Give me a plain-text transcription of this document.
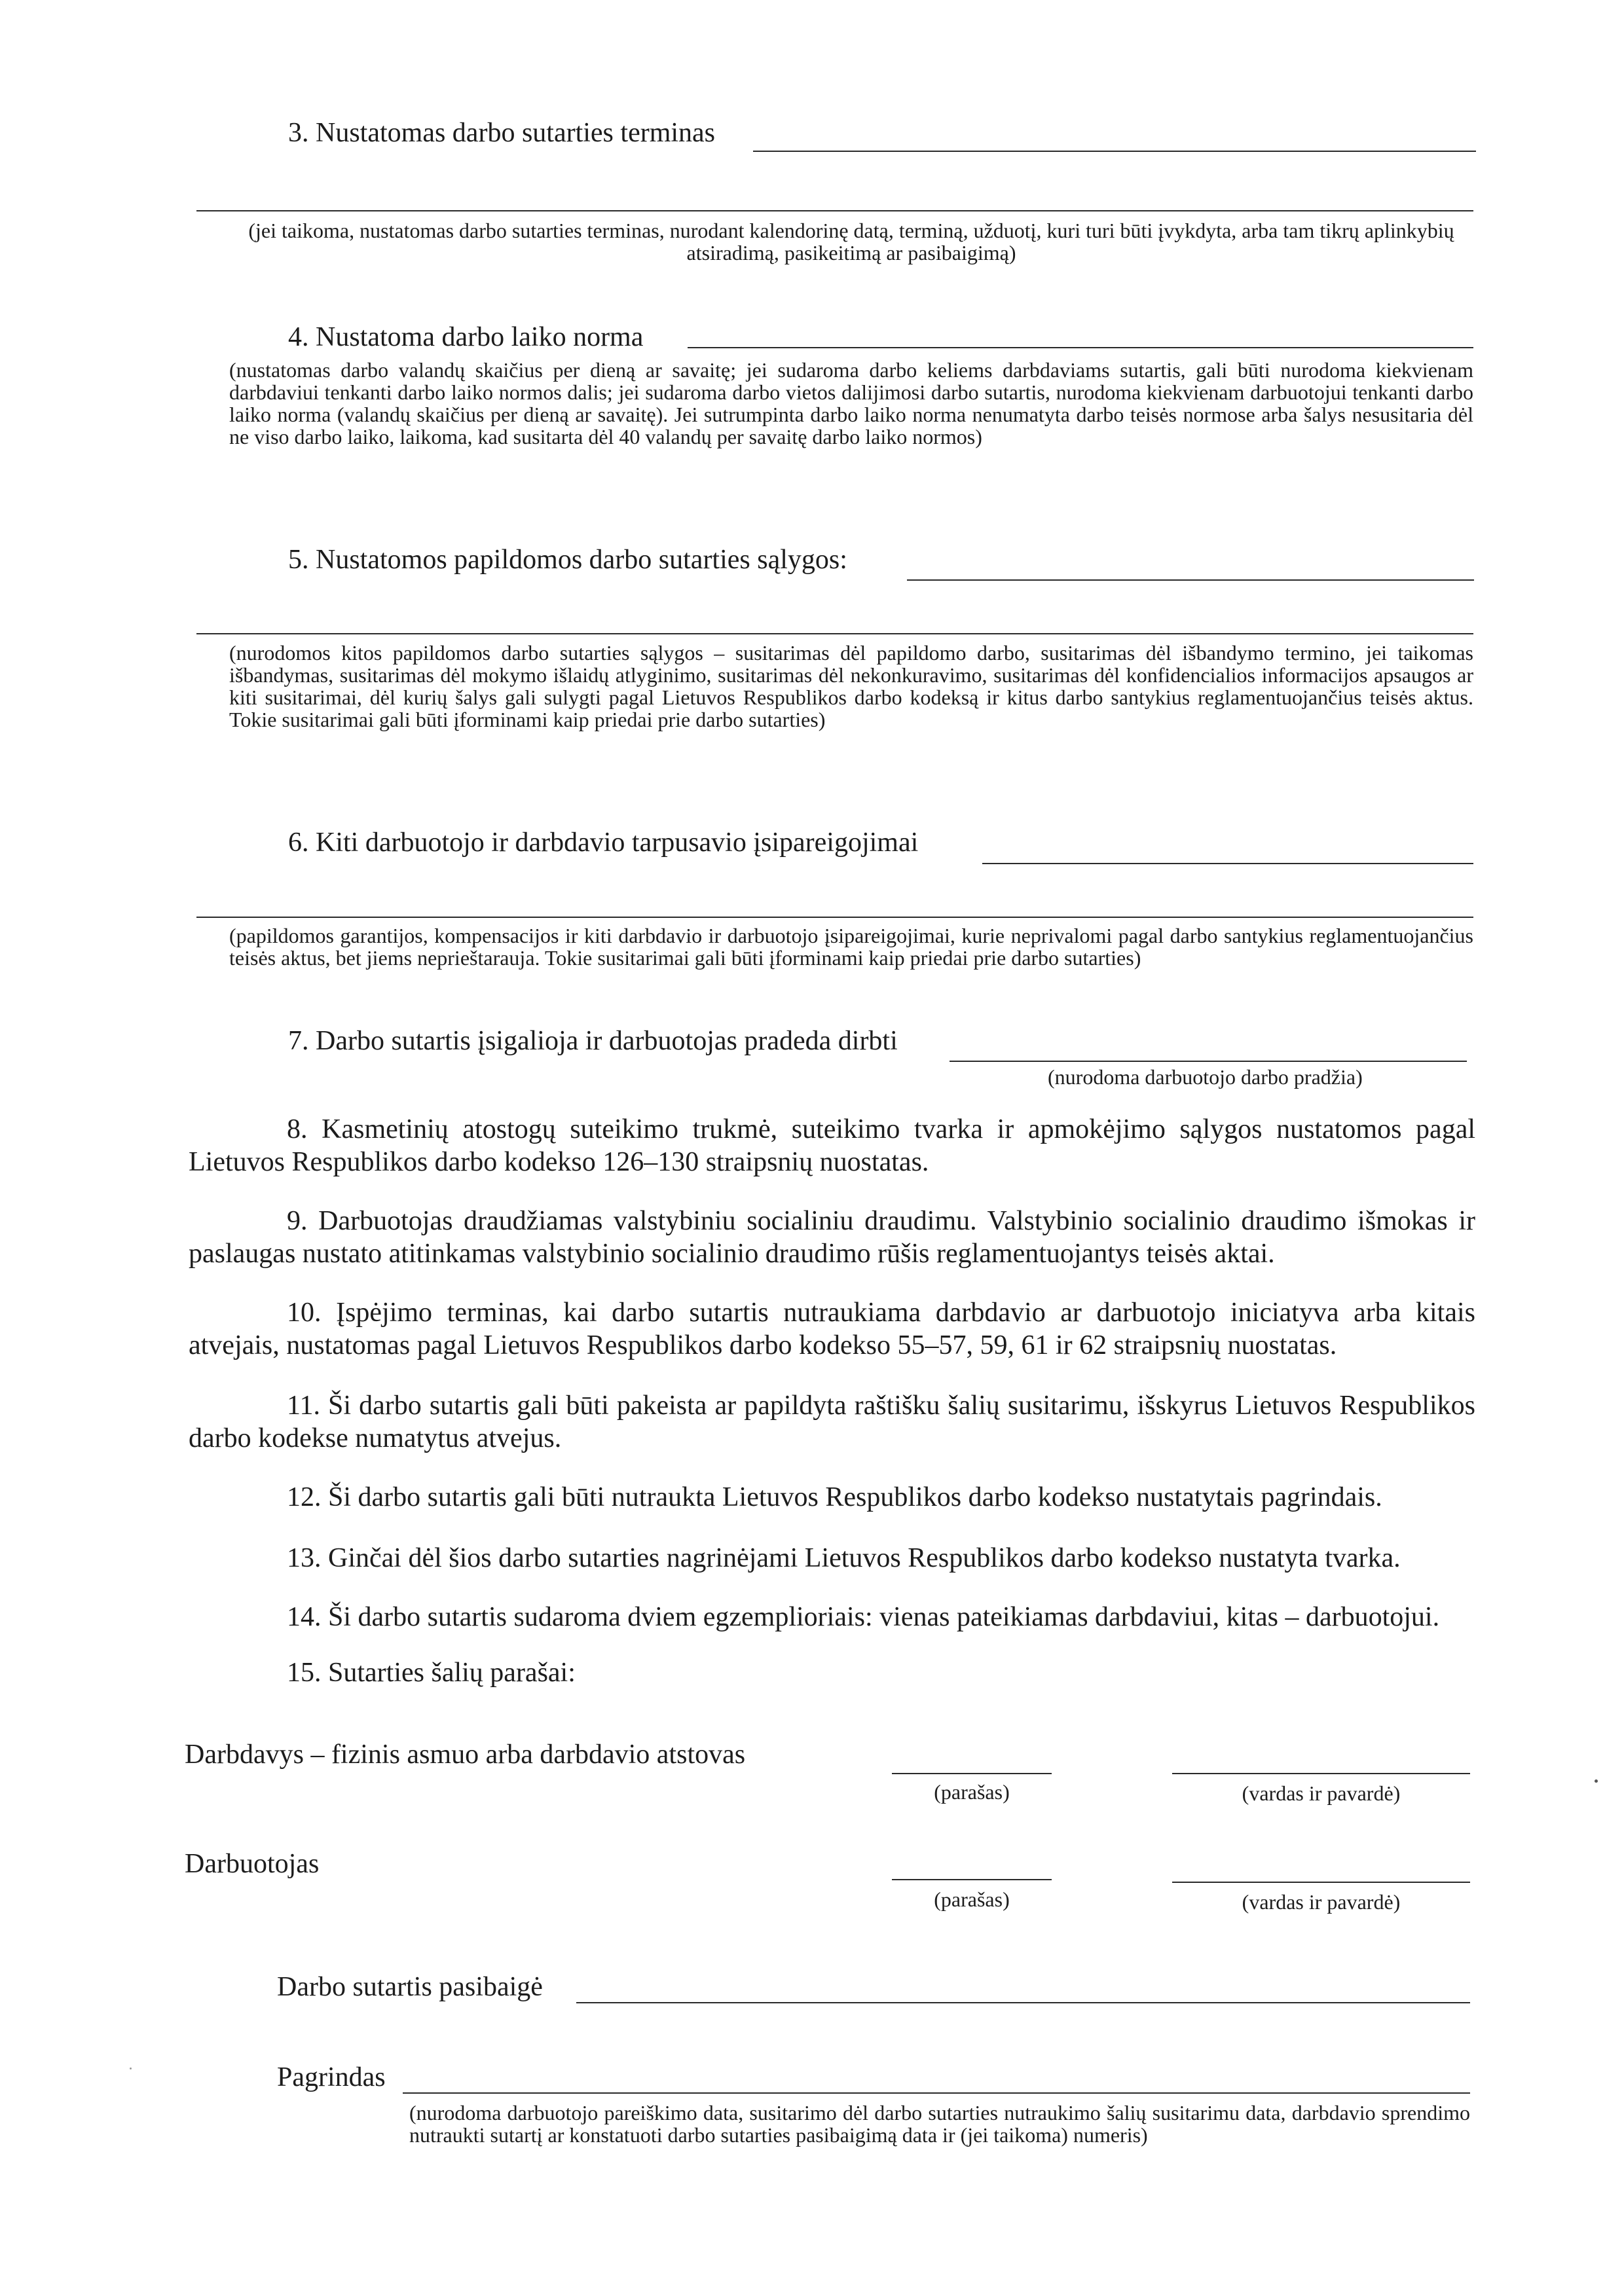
3. Nustatomas darbo sutarties terminas
(jei taikoma, nustatomas darbo sutarties terminas, nurodant kalendorinę datą, terminą, užduotį, kuri turi būti įvykdyta, arba tam tikrų aplinkybių atsiradimą, pasikeitimą ar pasibaigimą)
4. Nustatoma darbo laiko norma
(nustatomas darbo valandų skaičius per dieną ar savaitę; jei sudaroma darbo keliems darbdaviams sutartis, gali būti nurodoma kiekvienam darbdaviui tenkanti darbo laiko normos dalis; jei sudaroma darbo vietos dalijimosi darbo sutartis, nurodoma kiekvienam darbuotojui tenkanti darbo laiko norma (valandų skaičius per dieną ar savaitę). Jei sutrumpinta darbo laiko norma nenumatyta darbo teisės normose arba šalys nesusitaria dėl ne viso darbo laiko, laikoma, kad susitarta dėl 40 valandų per savaitę darbo laiko normos)
5. Nustatomos papildomos darbo sutarties sąlygos:
(nurodomos kitos papildomos darbo sutarties sąlygos – susitarimas dėl papildomo darbo, susitarimas dėl išbandymo termino, jei taikomas išbandymas, susitarimas dėl mokymo išlaidų atlyginimo, susitarimas dėl nekonkuravimo, susitarimas dėl konfidencialios informacijos apsaugos ar kiti susitarimai, dėl kurių šalys gali sulygti pagal Lietuvos Respublikos darbo kodeksą ir kitus darbo santykius reglamentuojančius teisės aktus. Tokie susitarimai gali būti įforminami kaip priedai prie darbo sutarties)
6. Kiti darbuotojo ir darbdavio tarpusavio įsipareigojimai
(papildomos garantijos, kompensacijos ir kiti darbdavio ir darbuotojo įsipareigojimai, kurie neprivalomi pagal darbo santykius reglamentuojančius teisės aktus, bet jiems neprieštarauja. Tokie susitarimai gali būti įforminami kaip priedai prie darbo sutarties)
7. Darbo sutartis įsigalioja ir darbuotojas pradeda dirbti
(nurodoma darbuotojo darbo pradžia)
8. Kasmetinių atostogų suteikimo trukmė, suteikimo tvarka ir apmokėjimo sąlygos nustatomos pagal Lietuvos Respublikos darbo kodekso 126–130 straipsnių nuostatas.
9. Darbuotojas draudžiamas valstybiniu socialiniu draudimu. Valstybinio socialinio draudimo išmokas ir paslaugas nustato atitinkamas valstybinio socialinio draudimo rūšis reglamentuojantys teisės aktai.
10. Įspėjimo terminas, kai darbo sutartis nutraukiama darbdavio ar darbuotojo iniciatyva arba kitais atvejais, nustatomas pagal Lietuvos Respublikos darbo kodekso 55–57, 59, 61 ir 62 straipsnių nuostatas.
11. Ši darbo sutartis gali būti pakeista ar papildyta raštišku šalių susitarimu, išskyrus Lietuvos Respublikos darbo kodekse numatytus atvejus.
12. Ši darbo sutartis gali būti nutraukta Lietuvos Respublikos darbo kodekso nustatytais pagrindais.
13. Ginčai dėl šios darbo sutarties nagrinėjami Lietuvos Respublikos darbo kodekso nustatyta tvarka.
14. Ši darbo sutartis sudaroma dviem egzemplioriais: vienas pateikiamas darbdaviui, kitas – darbuotojui.
15. Sutarties šalių parašai:
Darbdavys – fizinis asmuo arba darbdavio atstovas
(parašas)	(vardas ir pavardė)
Darbuotojas
(parašas)	(vardas ir pavardė)
Darbo sutartis pasibaigė
Pagrindas
(nurodoma darbuotojo pareiškimo data, susitarimo dėl darbo sutarties nutraukimo šalių susitarimu data, darbdavio sprendimo nutraukti sutartį ar konstatuoti darbo sutarties pasibaigimą data ir (jei taikoma) numeris)
